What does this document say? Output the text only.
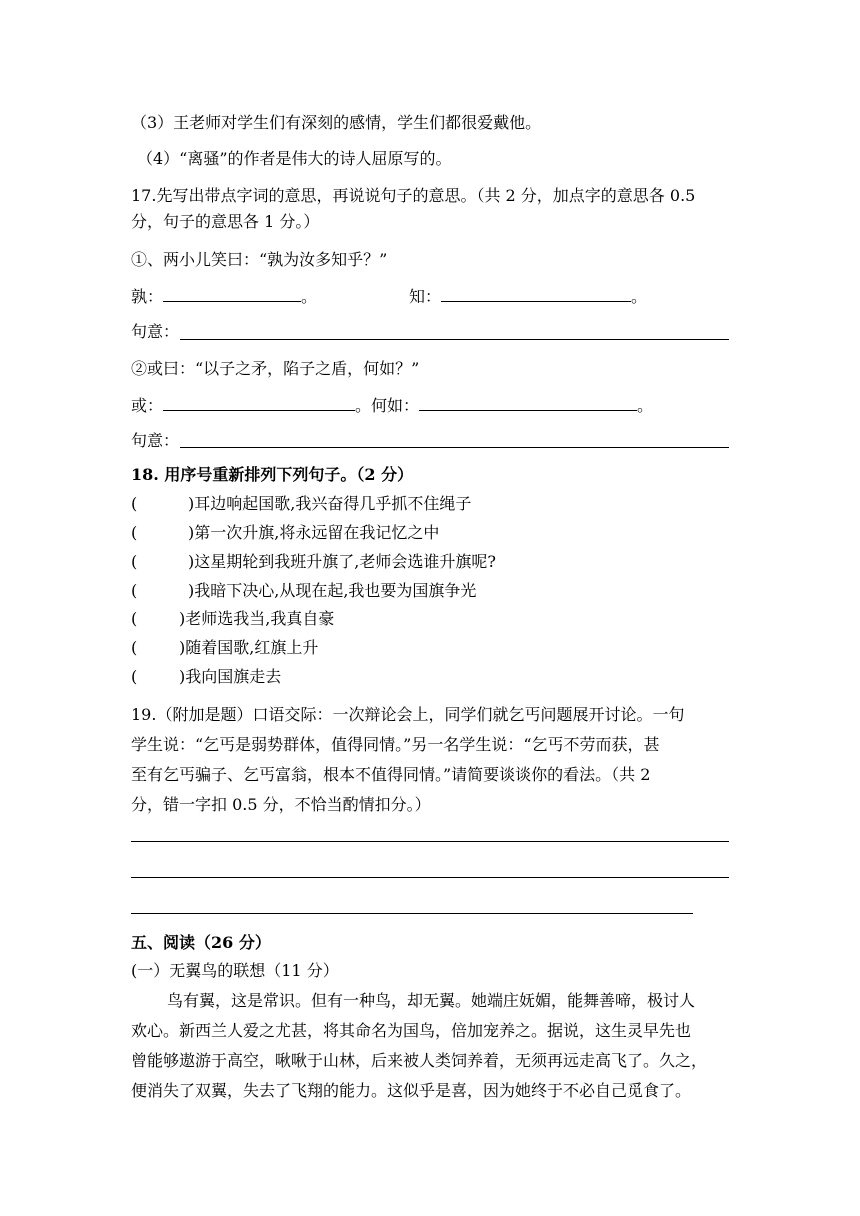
（3）王老师对学生们有深刻的感情，学生们都很爱戴他。
（4）“离骚”的作者是伟大的诗人屈原写的。
17.先写出带点字词的意思，再说说句子的意思。（共 2 分，加点字的意思各 0.5
分，句子的意思各 1 分。）
①、两小儿笑曰：“孰为汝多知乎？”
孰：	。	知：	。
句意：
②或曰：“以子之矛，陷子之盾，何如？”
或：	。何如：	。
句意：
18. 用序号重新排列下列句子。（2 分）
(	)耳边响起国歌,我兴奋得几乎抓不住绳子
(	)第一次升旗,将永远留在我记忆之中
(	)这星期轮到我班升旗了,老师会选谁升旗呢?
(	)我暗下决心,从现在起,我也要为国旗争光
(	)老师选我当,我真自豪
(	)随着国歌,红旗上升
(	)我向国旗走去
19.（附加是题）口语交际：一次辩论会上，同学们就乞丐问题展开讨论。一句
学生说：“乞丐是弱势群体，值得同情。”另一名学生说：“乞丐不劳而获，甚
至有乞丐骗子、乞丐富翁，根本不值得同情。”请简要谈谈你的看法。（共 2
分，错一字扣 0.5 分，不恰当酌情扣分。）
五、阅读（26 分）
(一）无翼鸟的联想（11 分）
鸟有翼，这是常识。但有一种鸟，却无翼。她端庄妩媚，能舞善啼，极讨人
欢心。新西兰人爱之尤甚，将其命名为国鸟，倍加宠养之。据说，这生灵早先也
曾能够遨游于高空，啾啾于山林，后来被人类饲养着，无须再远走高飞了。久之，
便消失了双翼，失去了飞翔的能力。这似乎是喜，因为她终于不必自己觅食了。
